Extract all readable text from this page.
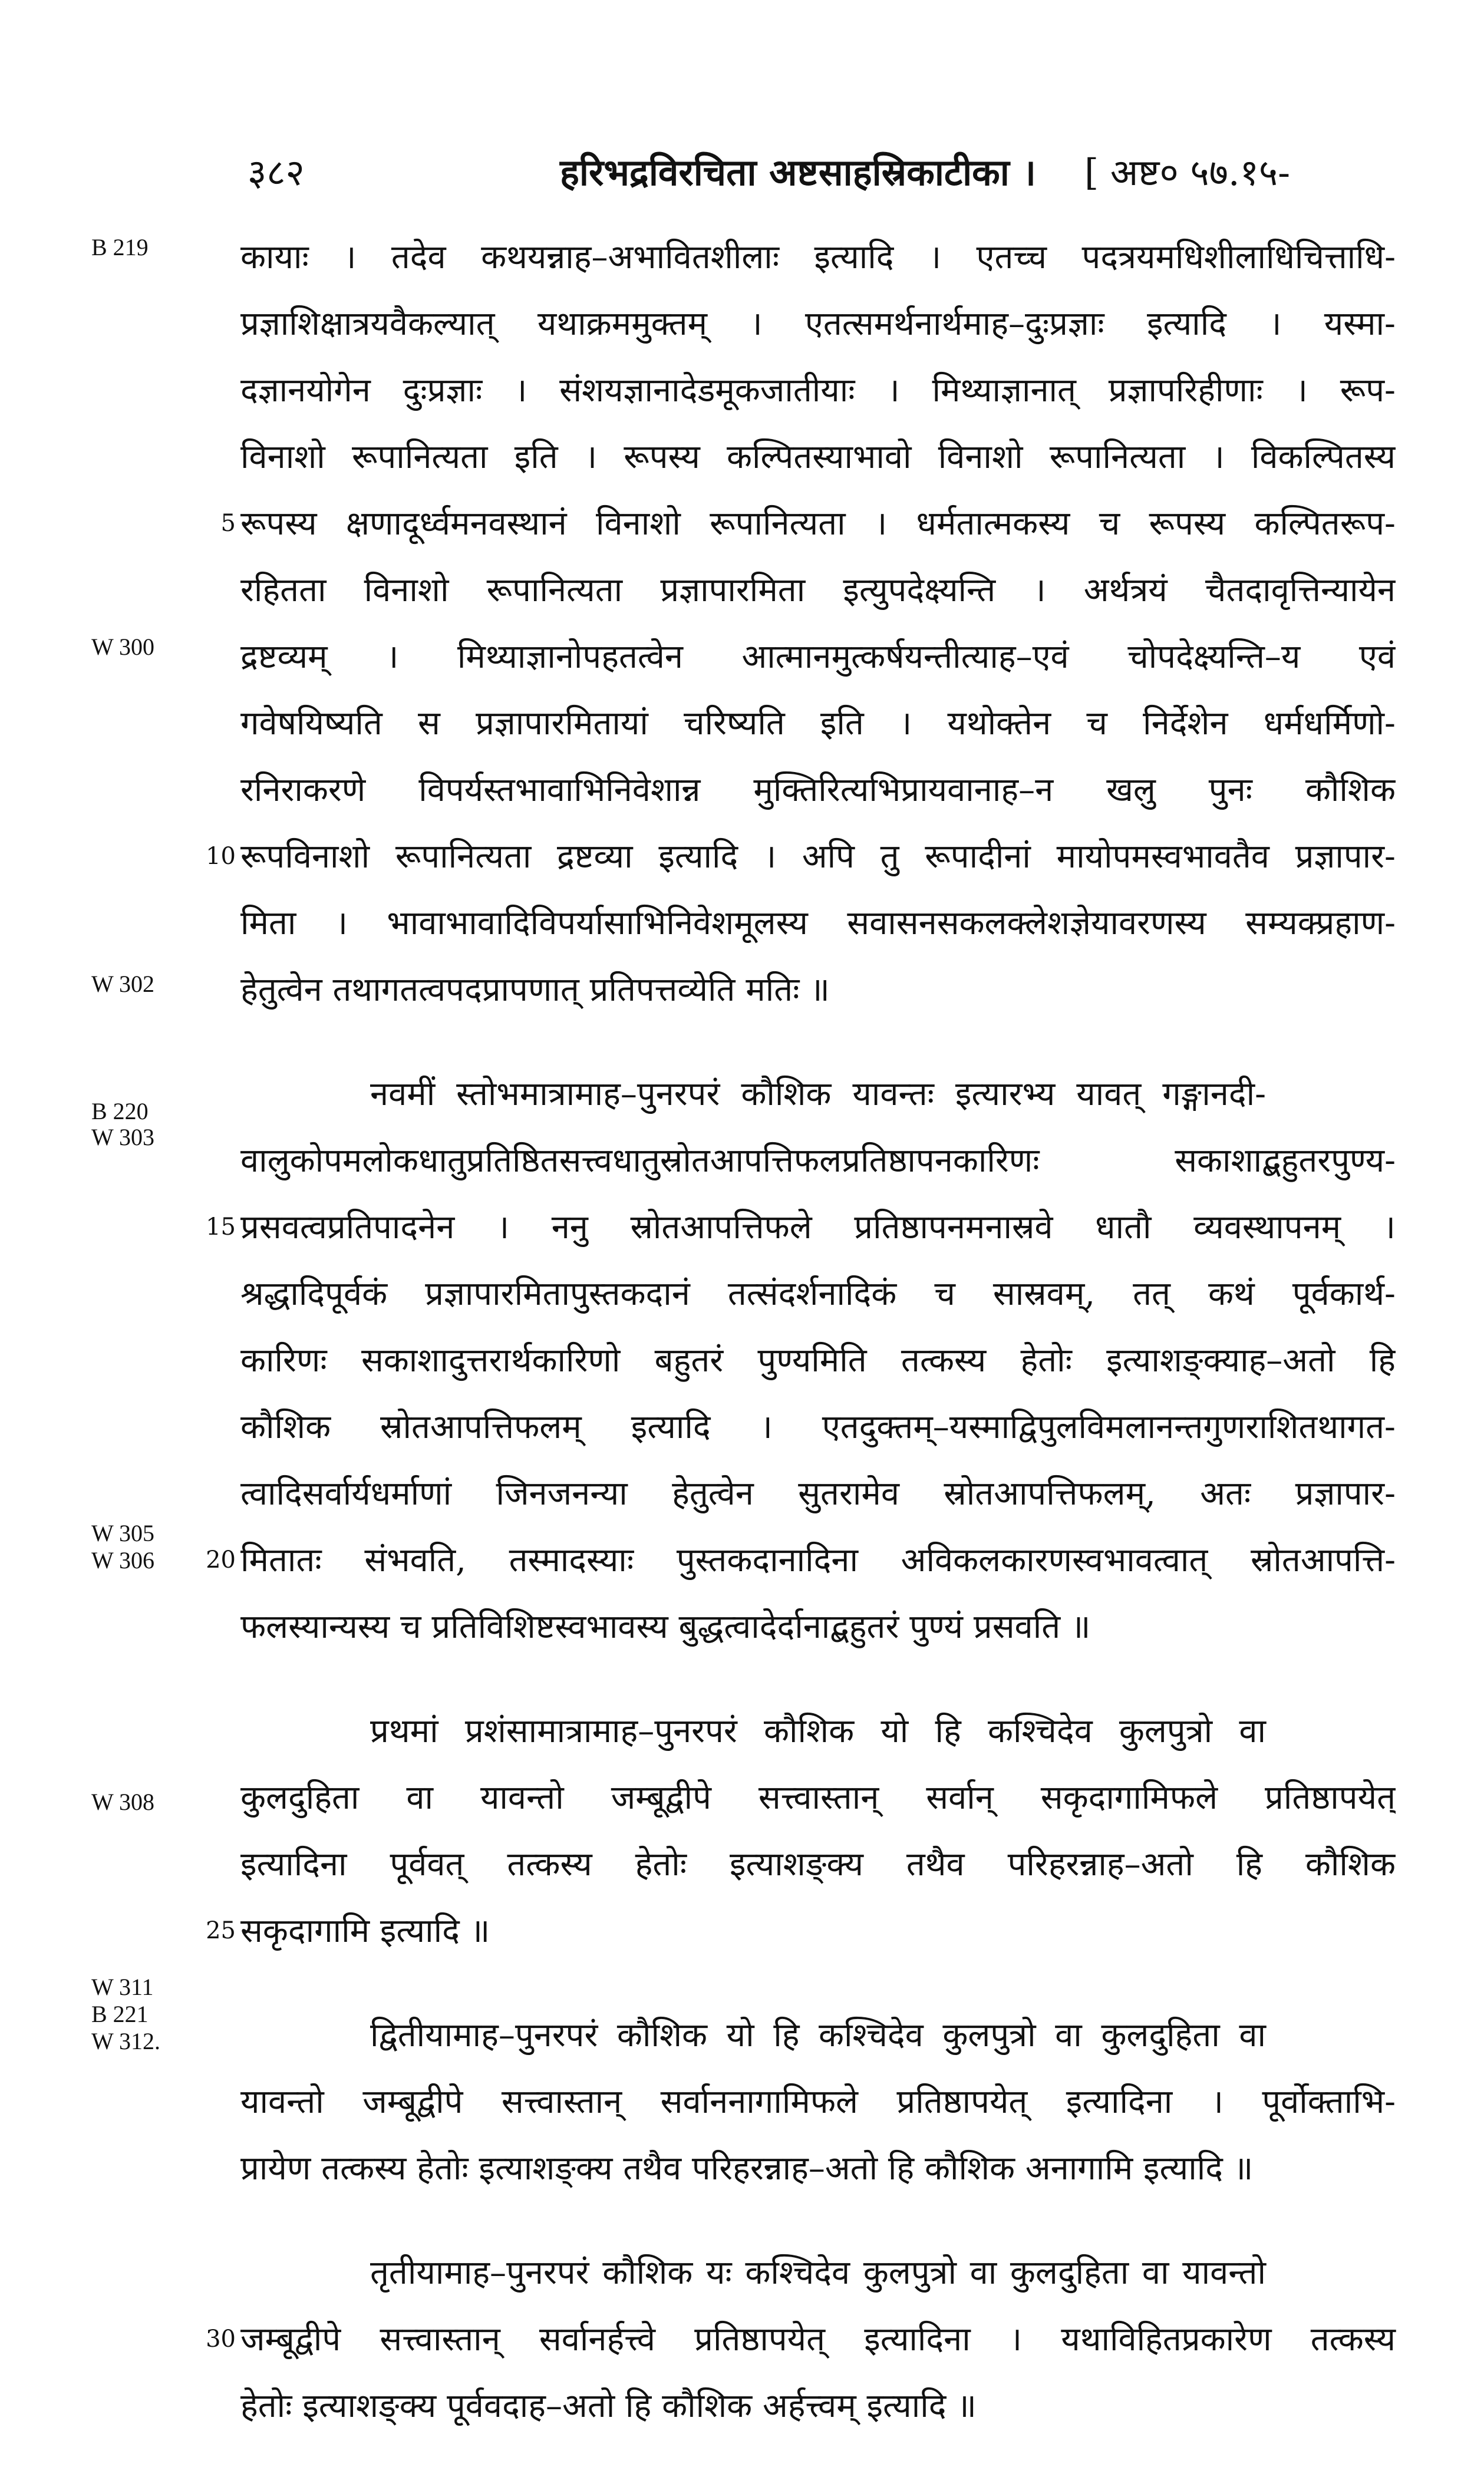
३८२	हरिभद्रविरचिता अष्टसाहस्रिकाटीका । [ अष्ट० ५७.१५-
B 219
W 300
W 302
B 220
W 303
W 305
W 306
W 308
W 311
B 221
W 312.
कायाः । तदेव कथयन्नाह–अभावितशीलाः इत्यादि । एतच्च पदत्रयमधिशीलाधिचित्ताधि-
प्रज्ञाशिक्षात्रयवैकल्यात् यथाक्रममुक्तम् । एतत्समर्थनार्थमाह–दुःप्रज्ञाः इत्यादि । यस्मा-
दज्ञानयोगेन दुःप्रज्ञाः । संशयज्ञानादेडमूकजातीयाः । मिथ्याज्ञानात् प्रज्ञापरिहीणाः । रूप-
विनाशो रूपानित्यता इति । रूपस्य कल्पितस्याभावो विनाशो रूपानित्यता । विकल्पितस्य
5 रूपस्य क्षणादूर्ध्वमनवस्थानं विनाशो रूपानित्यता । धर्मतात्मकस्य च रूपस्य कल्पितरूप-
रहितता विनाशो रूपानित्यता प्रज्ञापारमिता इत्युपदेक्ष्यन्ति । अर्थत्रयं चैतदावृत्तिन्यायेन
द्रष्टव्यम् । मिथ्याज्ञानोपहतत्वेन आत्मानमुत्कर्षयन्तीत्याह–एवं चोपदेक्ष्यन्ति–य एवं
गवेषयिष्यति स प्रज्ञापारमितायां चरिष्यति इति । यथोक्तेन च निर्देशेन धर्मधर्मिणो-
रनिराकरणे विपर्यस्तभावाभिनिवेशान्न मुक्तिरित्यभिप्रायवानाह–न खलु पुनः कौशिक
10 रूपविनाशो रूपानित्यता द्रष्टव्या इत्यादि । अपि तु रूपादीनां मायोपमस्वभावतैव प्रज्ञापार-
मिता । भावाभावादिविपर्यासाभिनिवेशमूलस्य सवासनसकलक्लेशज्ञेयावरणस्य सम्यक्प्रहाण-
हेतुत्वेन तथागतत्वपदप्रापणात् प्रतिपत्तव्येति मतिः ॥
नवमीं स्तोभमात्रामाह–पुनरपरं कौशिक यावन्तः इत्यारभ्य यावत् गङ्गानदी-
वालुकोपमलोकधातुप्रतिष्ठितसत्त्वधातुस्रोतआपत्तिफलप्रतिष्ठापनकारिणः सकाशाद्बहुतरपुण्य-
15 प्रसवत्वप्रतिपादनेन । ननु स्रोतआपत्तिफले प्रतिष्ठापनमनास्रवे धातौ व्यवस्थापनम् ।
श्रद्धादिपूर्वकं प्रज्ञापारमितापुस्तकदानं तत्संदर्शनादिकं च सास्रवम्, तत् कथं पूर्वकार्थ-
कारिणः सकाशादुत्तरार्थकारिणो बहुतरं पुण्यमिति तत्कस्य हेतोः इत्याशङ्क्याह–अतो हि
कौशिक स्रोतआपत्तिफलम् इत्यादि । एतदुक्तम्–यस्माद्विपुलविमलानन्तगुणराशितथागत-
त्वादिसर्वार्यधर्माणां जिनजनन्या हेतुत्वेन सुतरामेव स्रोतआपत्तिफलम्, अतः प्रज्ञापार-
20 मितातः संभवति, तस्मादस्याः पुस्तकदानादिना अविकलकारणस्वभावत्वात् स्रोतआपत्ति-
फलस्यान्यस्य च प्रतिविशिष्टस्वभावस्य बुद्धत्वादेर्दानाद्बहुतरं पुण्यं प्रसवति ॥
प्रथमां प्रशंसामात्रामाह–पुनरपरं कौशिक यो हि कश्चिदेव कुलपुत्रो वा
कुलदुहिता वा यावन्तो जम्बूद्वीपे सत्त्वास्तान् सर्वान् सकृदागामिफले प्रतिष्ठापयेत्
इत्यादिना पूर्ववत् तत्कस्य हेतोः इत्याशङ्क्य तथैव परिहरन्नाह–अतो हि कौशिक
25 सकृदागामि इत्यादि ॥
द्वितीयामाह–पुनरपरं कौशिक यो हि कश्चिदेव कुलपुत्रो वा कुलदुहिता वा
यावन्तो जम्बूद्वीपे सत्त्वास्तान् सर्वाननागामिफले प्रतिष्ठापयेत् इत्यादिना । पूर्वोक्ताभि-
प्रायेण तत्कस्य हेतोः इत्याशङ्क्य तथैव परिहरन्नाह–अतो हि कौशिक अनागामि इत्यादि ॥
तृतीयामाह–पुनरपरं कौशिक यः कश्चिदेव कुलपुत्रो वा कुलदुहिता वा यावन्तो
30 जम्बूद्वीपे सत्त्वास्तान् सर्वानर्हत्त्वे प्रतिष्ठापयेत् इत्यादिना । यथाविहितप्रकारेण तत्कस्य
हेतोः इत्याशङ्क्य पूर्ववदाह–अतो हि कौशिक अर्हत्त्वम् इत्यादि ॥
